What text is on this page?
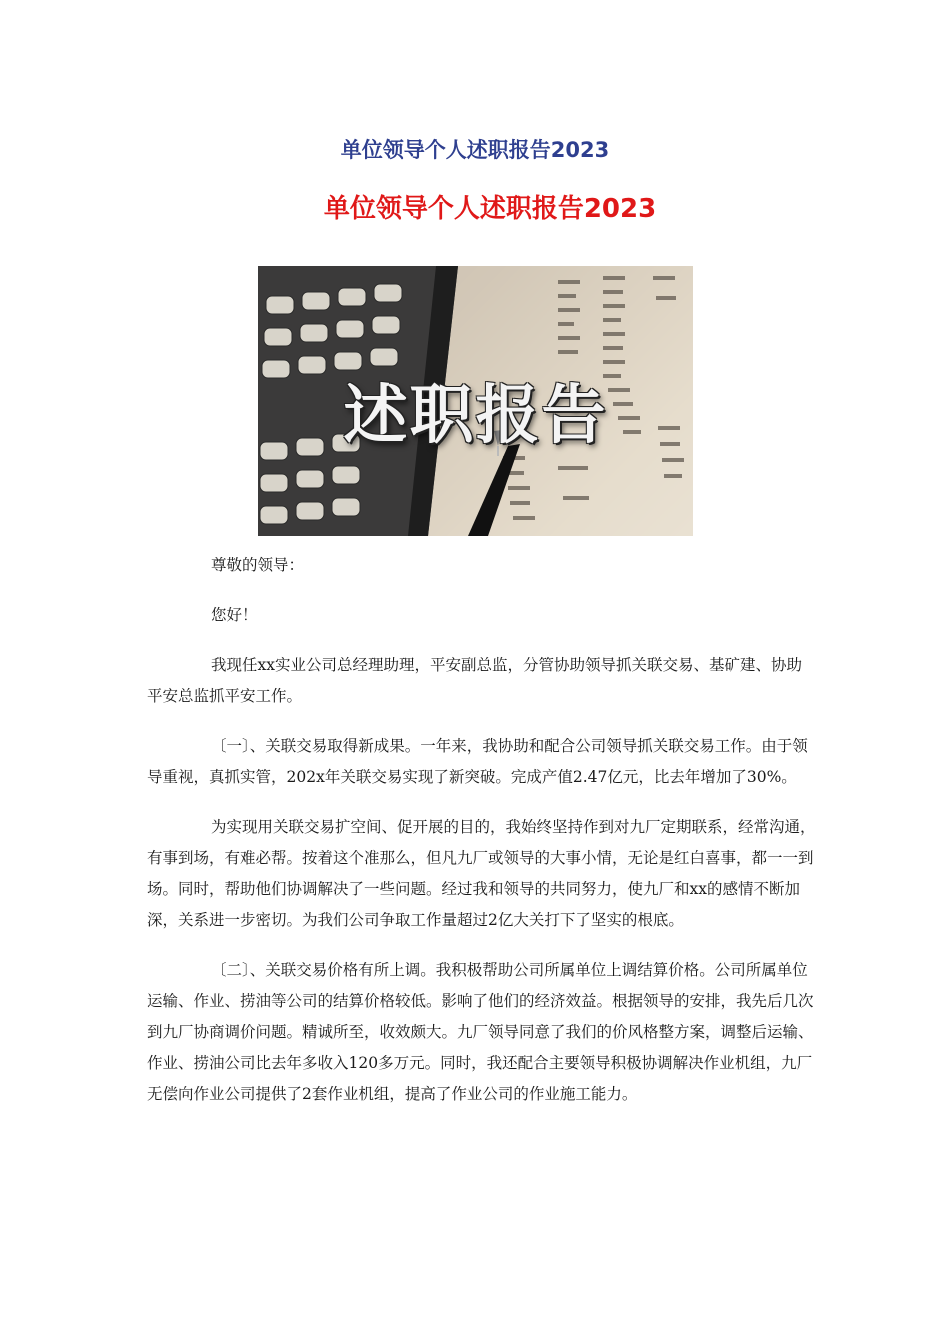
单位领导个人述职报告2023
单位领导个人述职报告2023
述职报告

尊敬的领导：

您好！

我现任xx实业公司总经理助理，平安副总监，分管协助领导抓关联交易、基矿建、协助平安总监抓平安工作。

〔一〕、关联交易取得新成果。一年来，我协助和配合公司领导抓关联交易工作。由于领导重视，真抓实管，202x年关联交易实现了新突破。完成产值2.47亿元，比去年增加了30%。

为实现用关联交易扩空间、促开展的目的，我始终坚持作到对九厂定期联系，经常沟通，有事到场，有难必帮。按着这个准那么，但凡九厂或领导的大事小情，无论是红白喜事，都一一到场。同时，帮助他们协调解决了一些问题。经过我和领导的共同努力，使九厂和xx的感情不断加深，关系进一步密切。为我们公司争取工作量超过2亿大关打下了坚实的根底。

〔二〕、关联交易价格有所上调。我积极帮助公司所属单位上调结算价格。公司所属单位运输、作业、捞油等公司的结算价格较低。影响了他们的经济效益。根据领导的安排，我先后几次到九厂协商调价问题。精诚所至，收效颇大。九厂领导同意了我们的价风格整方案，调整后运输、作业、捞油公司比去年多收入120多万元。同时，我还配合主要领导积极协调解决作业机组，九厂无偿向作业公司提供了2套作业机组，提高了作业公司的作业施工能力。
